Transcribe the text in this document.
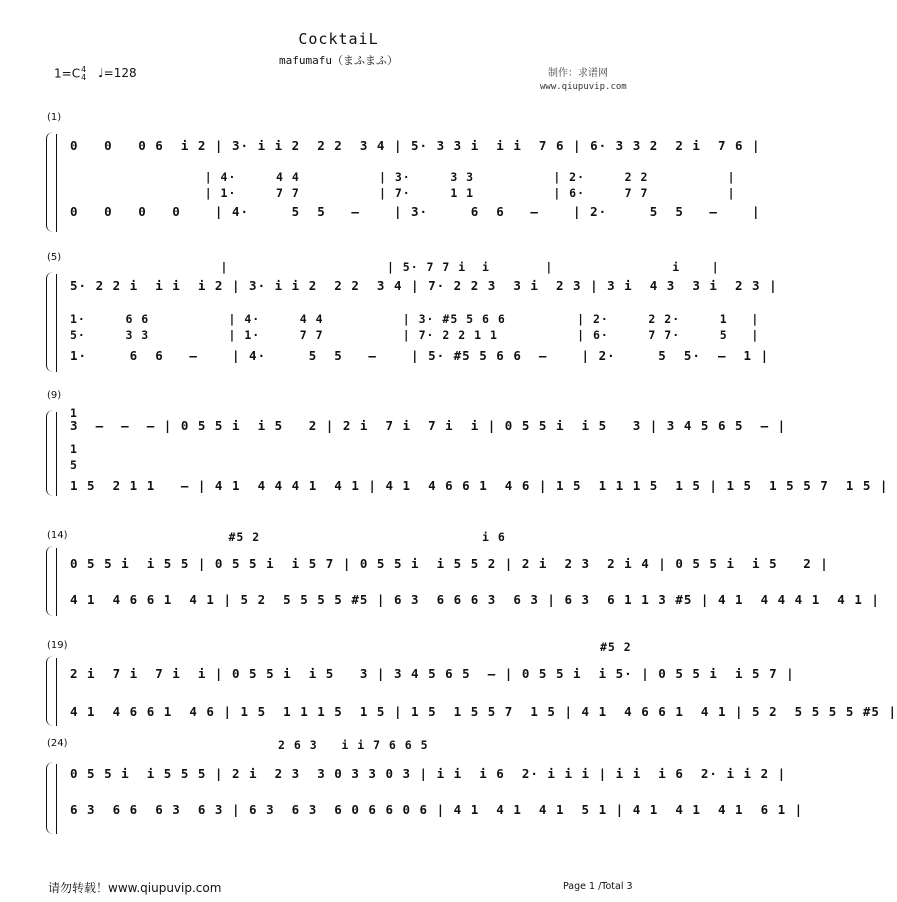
CocktaiL
mafumafu（まふまふ）
1=C4
4 ♩=128	制作：求谱网
www.qiupuvip.com
(1)
0   0   0 6  i 2 | 3· i i 2  2 2  3 4 | 5· 3 3 i  i i  7 6 | 6· 3 3 2  2 i  7 6 |
| 4·     4 4          | 3·     3 3          | 2·     2 2          |
| 1·     7 7          | 7·     1 1          | 6·     7 7          |
0   0   0   0    | 4·     5  5   –    | 3·     6  6   –    | 2·     5  5   –    |
(5)
|                    | 5· 7 7 i  i       |               i    |
5· 2 2 i  i i  i 2 | 3· i i 2  2 2  3 4 | 7· 2 2 3  3 i  2 3 | 3 i  4 3  3 i  2 3 |
1·     6 6          | 4·     4 4          | 3· #5 5 6 6         | 2·     2 2·     1   |
5·     3 3          | 1·     7 7          | 7· 2 2 1 1          | 6·     7 7·     5   |
1·     6  6   –    | 4·     5  5   –    | 5· #5 5 6 6  –    | 2·     5  5·  –  1 |
(9)
1
3  –  –  – | 0 5 5 i  i 5   2 | 2 i  7 i  7 i  i | 0 5 5 i  i 5   3 | 3 4 5 6 5  – |
1
5
1 5  2 1 1   – | 4 1  4 4 4 1  4 1 | 4 1  4 6 6 1  4 6 | 1 5  1 1 1 5  1 5 | 1 5  1 5 5 7  1 5 |
(14) #5 2                            i 6
0 5 5 i  i 5 5 | 0 5 5 i  i 5 7 | 0 5 5 i  i 5 5 2 | 2 i  2 3  2 i 4 | 0 5 5 i  i 5   2 |
4 1  4 6 6 1  4 1 | 5 2  5 5 5 5 #5 | 6 3  6 6 6 3  6 3 | 6 3  6 1 1 3 #5 | 4 1  4 4 4 1  4 1 |
(19)	#5 2
2 i  7 i  7 i  i | 0 5 5 i  i 5   3 | 3 4 5 6 5  – | 0 5 5 i  i 5· | 0 5 5 i  i 5 7 |
4 1  4 6 6 1  4 6 | 1 5  1 1 1 5  1 5 | 1 5  1 5 5 7  1 5 | 4 1  4 6 6 1  4 1 | 5 2  5 5 5 5 #5 |
(24)	2 6 3   i i 7 6 6 5
0 5 5 i  i 5 5 5 | 2 i  2 3  3 0 3 3 0 3 | i i  i 6  2· i i i | i i  i 6  2· i i 2 |
6 3  6 6  6 3  6 3 | 6 3  6 3  6 0 6 6 0 6 | 4 1  4 1  4 1  5 1 | 4 1  4 1  4 1  6 1 |
请勿转载！www.qiupuvip.com	Page 1 /Total 3
